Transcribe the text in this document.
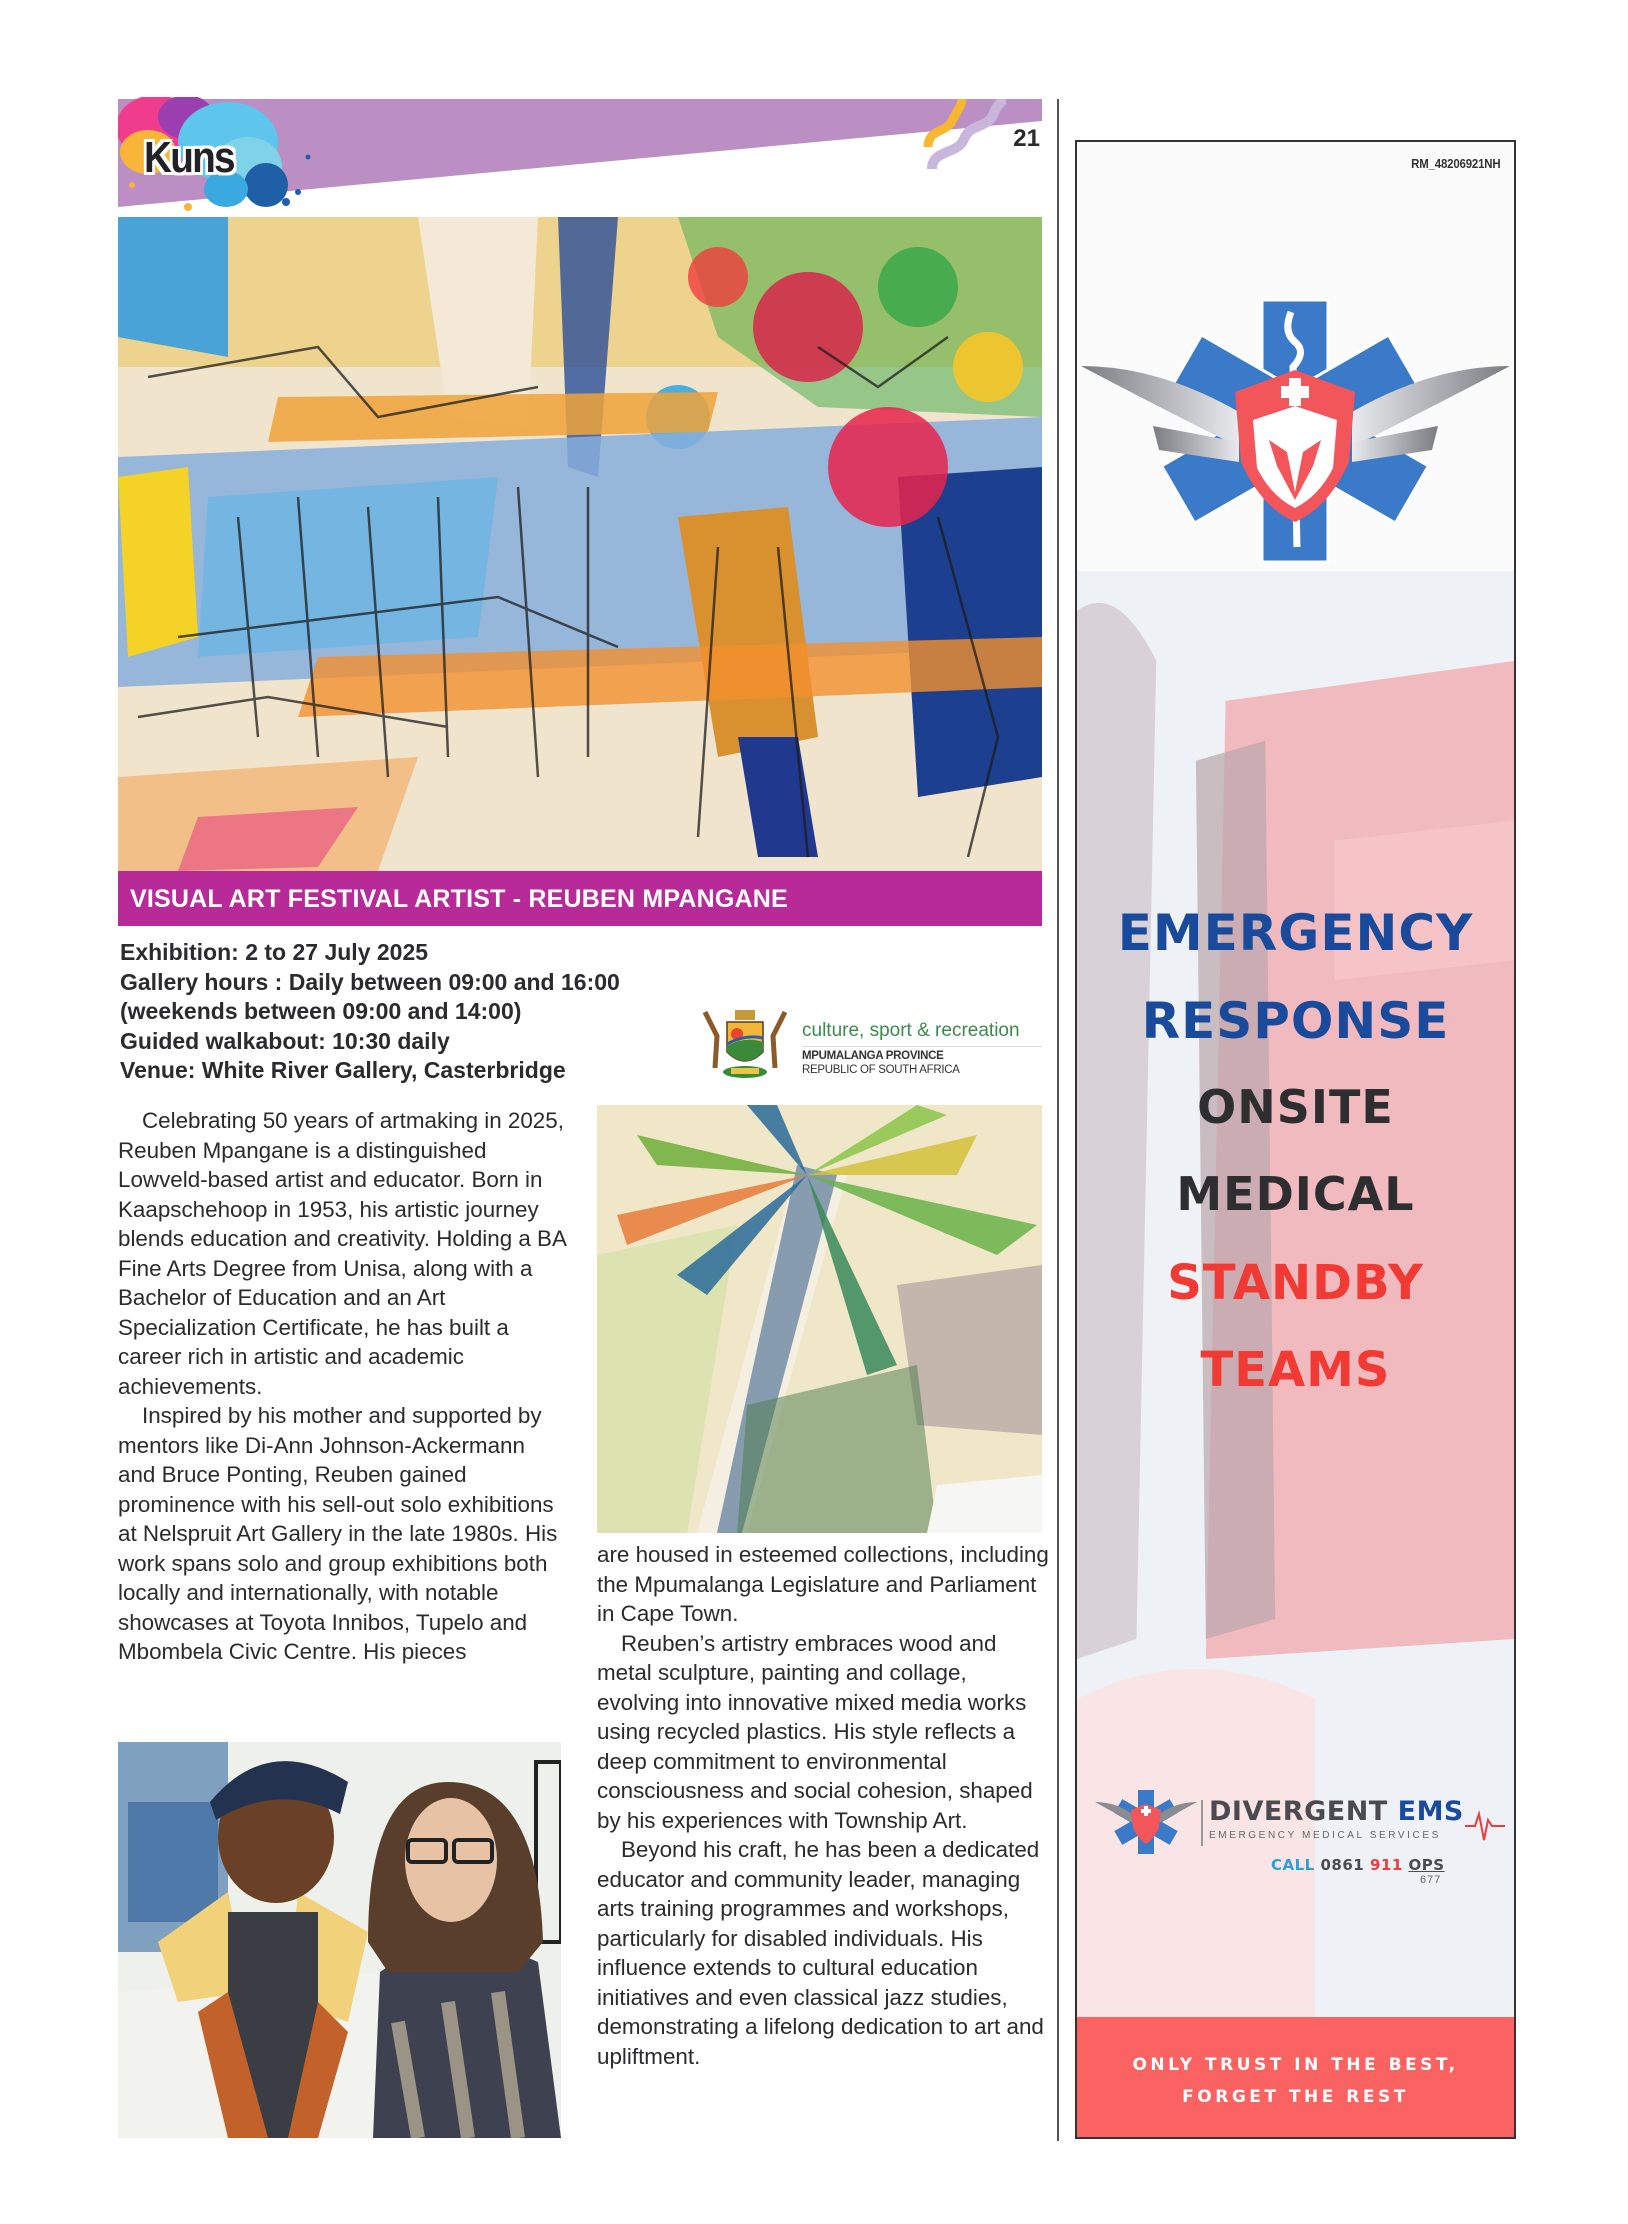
Kuns	21
VISUAL ART FESTIVAL ARTIST - REUBEN MPANGANE
Exhibition: 2 to 27 July 2025
Gallery hours : Daily between 09:00 and 16:00
(weekends between 09:00 and 14:00)
Guided walkabout: 10:30 daily
Venue: White River Gallery, Casterbridge
culture, sport & recreation
MPUMALANGA PROVINCE
REPUBLIC OF SOUTH AFRICA

Celebrating 50 years of artmaking in 2025, Reuben Mpangane is a distinguished Lowveld-based artist and educator. Born in Kaapschehoop in 1953, his artistic journey blends education and creativity. Holding a BA Fine Arts Degree from Unisa, along with a Bachelor of Education and an Art Specialization Certificate, he has built a career rich in artistic and academic achievements.

Inspired by his mother and supported by mentors like Di-Ann Johnson-Ackermann and Bruce Ponting, Reuben gained prominence with his sell-out solo exhibitions at Nelspruit Art Gallery in the late 1980s. His work spans solo and group exhibitions both locally and internationally, with notable showcases at Toyota Innibos, Tupelo and Mbombela Civic Centre. His pieces

are housed in esteemed collections, including the Mpumalanga Legislature and Parliament in Cape Town.

Reuben’s artistry embraces wood and metal sculpture, painting and collage, evolving into innovative mixed media works using recycled plastics. His style reflects a deep commitment to environmental consciousness and social cohesion, shaped by his experiences with Township Art.

Beyond his craft, he has been a dedicated educator and community leader, managing arts training programmes and workshops, particularly for disabled individuals. His influence extends to cultural education initiatives and even classical jazz studies, demonstrating a lifelong dedication to art and upliftment.

RM_48206921NH
EMERGENCY
RESPONSE
ONSITE
MEDICAL
STANDBY
TEAMS
DIVERGENT EMS
EMERGENCY MEDICAL SERVICES
CALL 0861 911 OPS
677
ONLY TRUST IN THE BEST,
FORGET THE REST
